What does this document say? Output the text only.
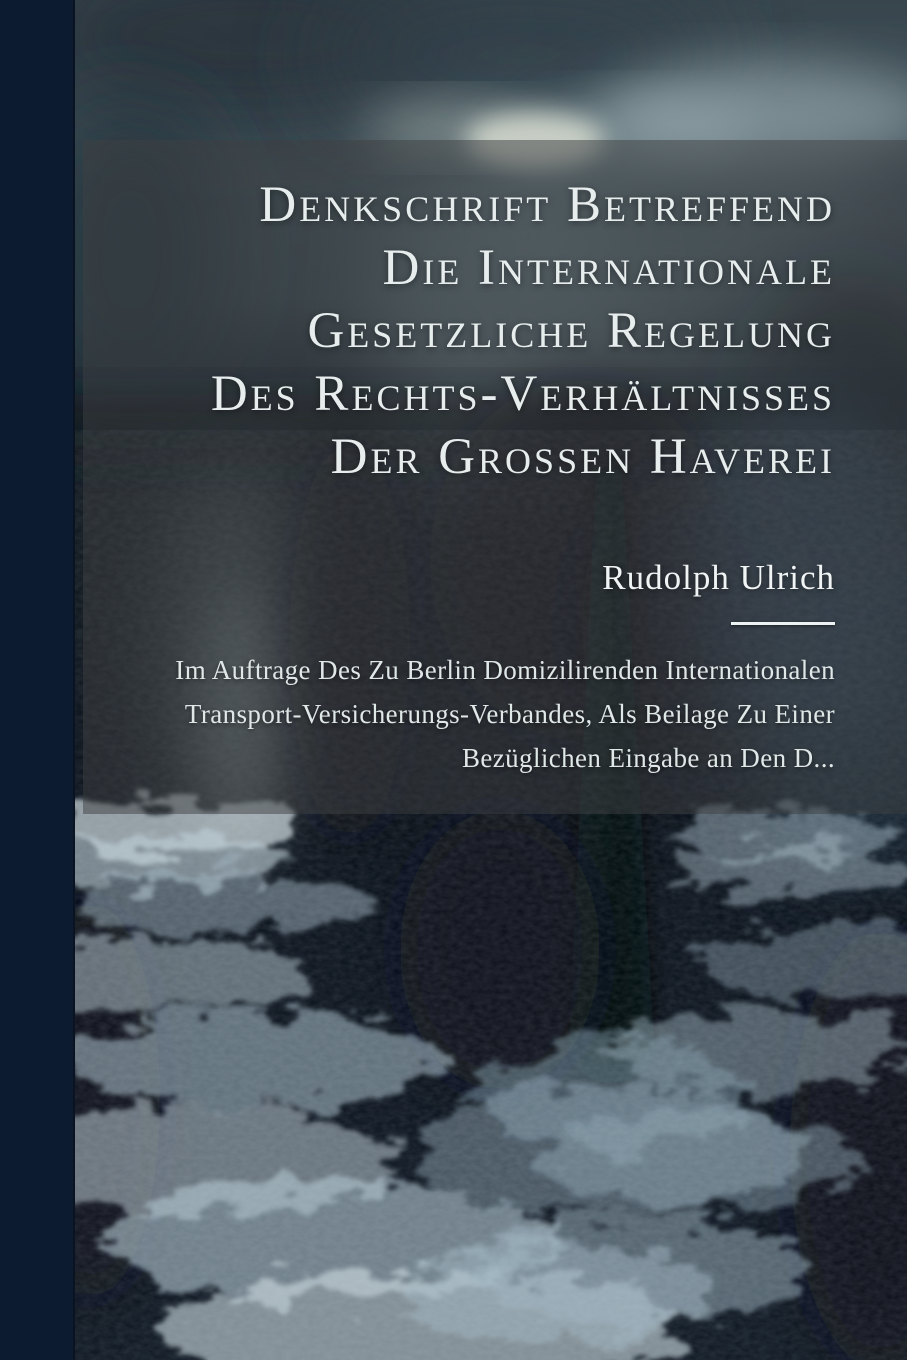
Denkschrift Betreffend
Die Internationale
Gesetzliche Regelung
Des Rechts-Verhältnisses
Der Grossen Haverei
Rudolph Ulrich

Im Auftrage Des Zu Berlin Domizilirenden Internationalen
Transport-Versicherungs-Verbandes, Als Beilage Zu Einer
Bezüglichen Eingabe an Den D...
